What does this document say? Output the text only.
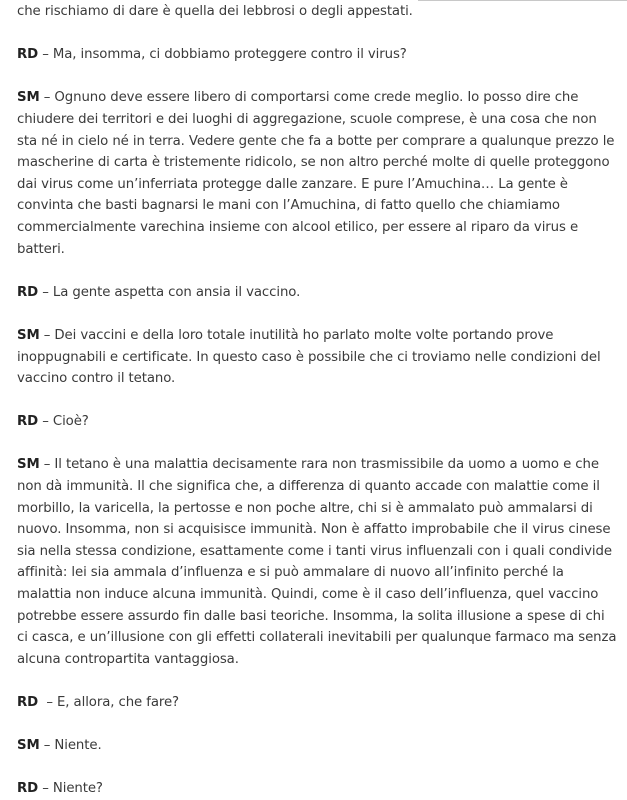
che rischiamo di dare è quella dei lebbrosi o degli appestati.

RD – Ma, insomma, ci dobbiamo proteggere contro il virus?

SM – Ognuno deve essere libero di comportarsi come crede meglio. Io posso dire che chiudere dei territori e dei luoghi di aggregazione, scuole comprese, è una cosa che non sta né in cielo né in terra. Vedere gente che fa a botte per comprare a qualunque prezzo le mascherine di carta è tristemente ridicolo, se non altro perché molte di quelle proteggono dai virus come un’inferriata protegge dalle zanzare. E pure l’Amuchina… La gente è convinta che basti bagnarsi le mani con l’Amuchina, di fatto quello che chiamiamo commercialmente varechina insieme con alcool etilico, per essere al riparo da virus e batteri.

RD – La gente aspetta con ansia il vaccino.

SM – Dei vaccini e della loro totale inutilità ho parlato molte volte portando prove inoppugnabili e certificate. In questo caso è possibile che ci troviamo nelle condizioni del vaccino contro il tetano.

RD – Cioè?

SM – Il tetano è una malattia decisamente rara non trasmissibile da uomo a uomo e che non dà immunità. Il che significa che, a differenza di quanto accade con malattie come il morbillo, la varicella, la pertosse e non poche altre, chi si è ammalato può ammalarsi di nuovo. Insomma, non si acquisisce immunità. Non è affatto improbabile che il virus cinese sia nella stessa condizione, esattamente come i tanti virus influenzali con i quali condivide affinità: lei sia ammala d’influenza e si può ammalare di nuovo all’infinito perché la malattia non induce alcuna immunità. Quindi, come è il caso dell’influenza, quel vaccino potrebbe essere assurdo fin dalle basi teoriche. Insomma, la solita illusione a spese di chi ci casca, e un’illusione con gli effetti collaterali inevitabili per qualunque farmaco ma senza alcuna contropartita vantaggiosa.

RD  – E, allora, che fare?

SM – Niente.

RD – Niente?
